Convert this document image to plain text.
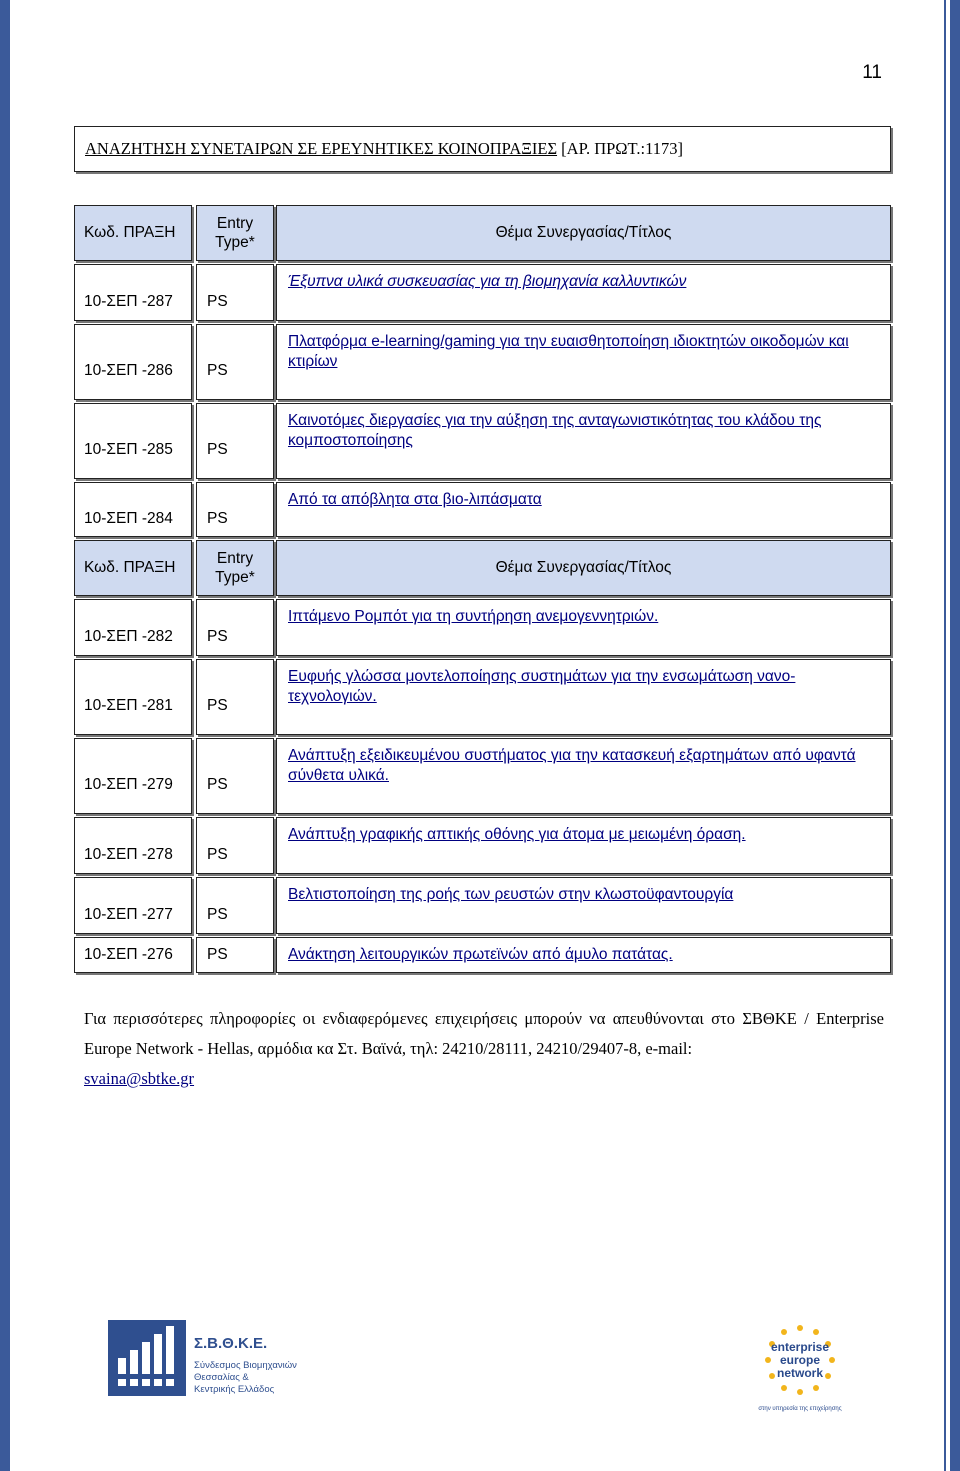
11
ΑΝΑΖΗΤΗΣΗ ΣΥΝΕΤΑΙΡΩΝ ΣΕ ΕΡΕΥΝΗΤΙΚΕΣ ΚΟΙΝΟΠΡΑΞΙΕΣ [ΑΡ. ΠΡΩΤ.:1173]
Κωδ. ΠΡΑΞΗ
Entry Type*
Θέμα Συνεργασίας/Τίτλος
10-ΣΕΠ -287 PS
Έξυπνα υλικά συσκευασίας για τη βιομηχανία καλλυντικών
10-ΣΕΠ -286 PS
Πλατφόρμα e-learning/gaming για την ευαισθητοποίηση ιδιοκτητών οικοδομών και κτιρίων
10-ΣΕΠ -285 PS
Καινοτόμες διεργασίες για την αύξηση της ανταγωνιστικότητας του κλάδου της κομποστοποίησης
10-ΣΕΠ -284 PS
Από τα απόβλητα στα βιο-λιπάσματα
Κωδ. ΠΡΑΞΗ
Entry Type*
Θέμα Συνεργασίας/Τίτλος
10-ΣΕΠ -282 PS
Ιπτάμενο Ρομπότ για τη συντήρηση ανεμογεννητριών.
10-ΣΕΠ -281 PS
Ευφυής γλώσσα μοντελοποίησης συστημάτων για την ενσωμάτωση νανο-τεχνολογιών.
10-ΣΕΠ -279 PS
Ανάπτυξη εξειδικευμένου συστήματος για την κατασκευή εξαρτημάτων από υφαντά σύνθετα υλικά.
10-ΣΕΠ -278 PS
Ανάπτυξη γραφικής απτικής οθόνης για άτομα με μειωμένη όραση.
10-ΣΕΠ -277 PS
Βελτιστοποίηση της ροής των ρευστών στην κλωστοϋφαντουργία
10-ΣΕΠ -276 PS	Ανάκτηση λειτουργικών πρωτεϊνών από άμυλο πατάτας.
Για περισσότερες πληροφορίες οι ενδιαφερόμενες επιχειρήσεις μπορούν να απευθύνονται στο ΣΒΘΚΕ / Enterprise Europe Network - Hellas, αρμόδια κα Στ. Βαϊνά, τηλ: 24210/28111, 24210/29407-8, e-mail:
svaina@sbtke.gr
Σ.Β.Θ.Κ.Ε.
Σύνδεσμος Βιομηχανιών
Θεσσαλίας &
Κεντρικής Ελλάδος
enterprise
europe
network
στην υπηρεσία της επιχείρησης
